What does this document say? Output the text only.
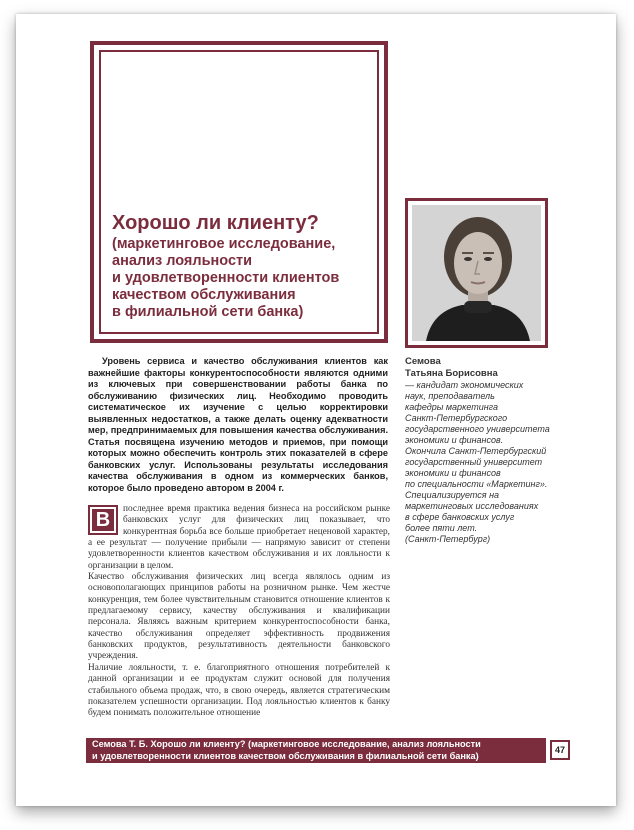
Хорошо ли клиенту?
(маркетинговое исследование,
анализ лояльности
и удовлетворенности клиентов
качеством обслуживания
в филиальной сети банка)
Уровень сервиса и качество обслуживания клиентов как важнейшие факторы конкурентоспособности являются одними из ключевых при совершенствовании работы банка по обслуживанию физических лиц. Необходимо проводить систематическое их изучение с целью корректировки выявленных недостатков, а также делать оценку адекватности мер, предпринимаемых для повышения качества обслуживания. Статья посвящена изучению методов и приемов, при помощи которых можно обеспечить контроль этих показателей в сфере банковских услуг. Использованы результаты исследования качества обслуживания в одном из коммерческих банков, которое было проведено автором в 2004 г.
Семова
Татьяна Борисовна
— кандидат экономических
наук, преподаватель
кафедры маркетинга
Санкт-Петербургского
государственного университета
экономики и финансов.
Окончила Санкт-Петербургский
государственный университет
экономики и финансов
по специальности «Маркетинг».
Специализируется на
маркетинговых исследованиях
в сфере банковских услуг
более пяти лет.
(Санкт-Петербург)
В	последнее время практика ведения бизнеса на российском рынке банковских услуг для физических лиц показывает, что конкурентная борьба все больше приобретает неценовой характер, а ее результат — получение прибыли — напрямую зависит от степени удовлетворенности клиентов качеством обслуживания и их лояльности к организации в целом.

Качество обслуживания физических лиц всегда являлось одним из основополагающих принципов работы на розничном рынке. Чем жестче конкуренция, тем более чувствительным становится отношение клиентов к предлагаемому сервису, качеству обслуживания и квалификации персонала. Являясь важным критерием конкурентоспособности банка, качество обслуживания определяет эффективность продвижения банковских продуктов, результативность деятельности банковского учреждения.

Наличие лояльности, т. е. благоприятного отношения потребителей к данной организации и ее продуктам служит основой для получения стабильного объема продаж, что, в свою очередь, является стратегическим показателем успешности организации. Под лояльностью клиентов к банку будем понимать положительное отношение

Семова Т. Б. Хорошо ли клиенту? (маркетинговое исследование, анализ лояльности
и удовлетворенности клиентов качеством обслуживания в филиальной сети банка)
47
